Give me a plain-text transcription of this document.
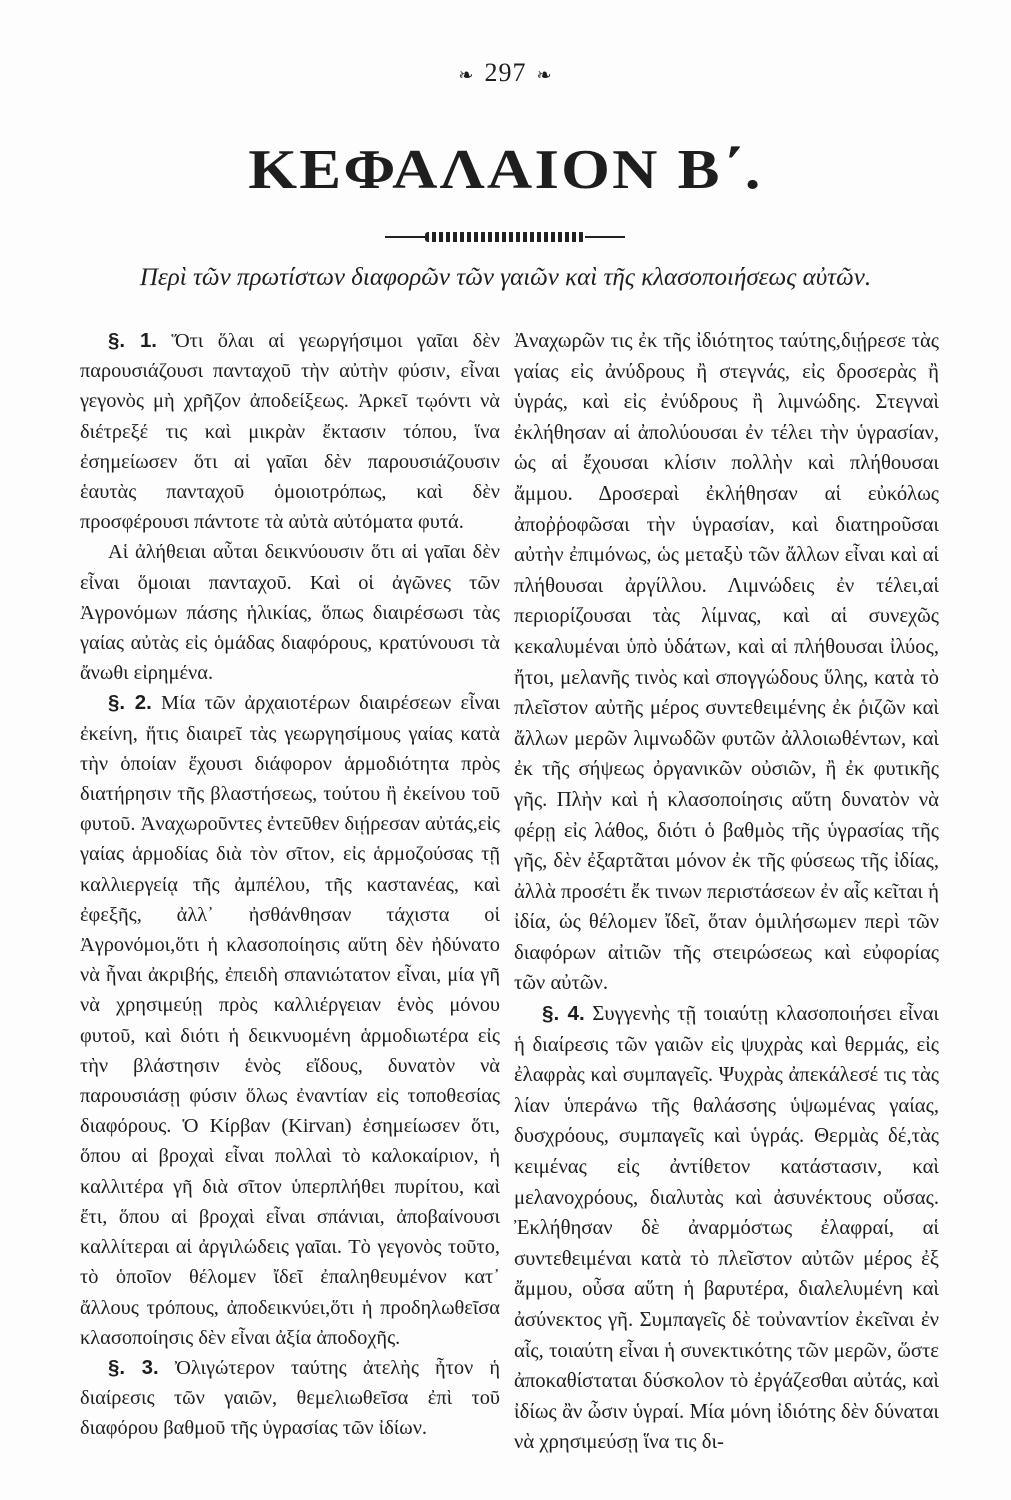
❧ 297 ❧
ΚΕΦΑΛΑΙΟΝ Β΄.
Περὶ τῶν πρωτίστων διαφορῶν τῶν γαιῶν καὶ τῆς κλασοποιήσεως αὐτῶν.

§. 1. Ὅτι ὅλαι αἱ γεωργήσιμοι γαῖαι δὲν παρουσιάζουσι πανταχοῦ τὴν αὐτὴν φύσιν, εἶναι γεγονὸς μὴ χρῆζον ἀποδείξεως. Ἀρκεῖ τῳόντι νὰ διέτρεξέ τις καὶ μικρὰν ἔκτασιν τόπου, ἵνα ἐσημείωσεν ὅτι αἱ γαῖαι δὲν παρουσιάζουσιν ἑαυτὰς πανταχοῦ ὁμοιοτρόπως, καὶ δὲν προσφέρουσι πάντοτε τὰ αὐτὰ αὐτόματα φυτά.

Αἱ ἀλήθειαι αὗται δεικνύουσιν ὅτι αἱ γαῖαι δὲν εἶναι ὅμοιαι πανταχοῦ. Καὶ οἱ ἀγῶνες τῶν Ἀγρονόμων πάσης ἡλικίας, ὅπως διαιρέσωσι τὰς γαίας αὐτὰς εἰς ὁμάδας διαφόρους, κρατύνουσι τὰ ἄνωθι εἰρημένα.

§. 2. Μία τῶν ἀρχαιοτέρων διαιρέσεων εἶναι ἐκείνη, ἥτις διαιρεῖ τὰς γεωργησίμους γαίας κατὰ τὴν ὁποίαν ἔχουσι διάφορον ἁρμοδιότητα πρὸς διατήρησιν τῆς βλαστήσεως, τούτου ἢ ἐκείνου τοῦ φυτοῦ. Ἀναχωροῦντες ἐντεῦθεν διῄρεσαν αὐτάς,εἰς γαίας ἁρμοδίας διὰ τὸν σῖτον, εἰς ἁρμοζούσας τῇ καλλιεργείᾳ τῆς ἀμπέλου, τῆς καστανέας, καὶ ἐφεξῆς, ἀλλ᾽ ἠσθάνθησαν τάχιστα οἱ Ἀγρονόμοι,ὅτι ἡ κλασοποίησις αὕτη δὲν ἠδύνατο νὰ ἦναι ἀκριβής, ἐπειδὴ σπανιώτατον εἶναι, μία γῆ νὰ χρησιμεύῃ πρὸς καλλιέργειαν ἑνὸς μόνου φυτοῦ, καὶ διότι ἡ δεικνυομένη ἁρμοδιωτέρα εἰς τὴν βλάστησιν ἑνὸς εἴδους, δυνατὸν νὰ παρουσιάσῃ φύσιν ὅλως ἐναντίαν εἰς τοποθεσίας διαφόρους. Ὁ Κίρβαν (Kirvan) ἐσημείωσεν ὅτι, ὅπου αἱ βροχαὶ εἶναι πολλαὶ τὸ καλοκαίριον, ἡ καλλιτέρα γῆ διὰ σῖτον ὑπερπλήθει πυρίτου, καὶ ἔτι, ὅπου αἱ βροχαὶ εἶναι σπάνιαι, ἀποβαίνουσι καλλίτεραι αἱ ἀργιλώδεις γαῖαι. Τὸ γεγονὸς τοῦτο, τὸ ὁποῖον θέλομεν ἴδεῖ ἐπαληθευμένον κατ᾽ ἄλλους τρόπους, ἀποδεικνύει,ὅτι ἡ προδηλωθεῖσα κλασοποίησις δὲν εἶναι ἀξία ἀποδοχῆς.

§. 3. Ὀλιγώτερον ταύτης ἀτελὴς ἦτον ἡ διαίρεσις τῶν γαιῶν, θεμελιωθεῖσα ἐπὶ τοῦ διαφόρου βαθμοῦ τῆς ὑγρασίας τῶν ἰδίων.

Ἀναχωρῶν τις ἐκ τῆς ἰδιότητος ταύτης,διῄρεσε τὰς γαίας εἰς ἀνύδρους ἢ στεγνάς, εἰς δροσερὰς ἢ ὑγράς, καὶ εἰς ἐνύδρους ἢ λιμνώδης. Στεγναὶ ἐκλήθησαν αἱ ἀπολύουσαι ἐν τέλει τὴν ὑγρασίαν, ὡς αἱ ἔχουσαι κλίσιν πολλὴν καὶ πλήθουσαι ἄμμου. Δροσεραὶ ἐκλήθησαν αἱ εὐκόλως ἀποῤῥοφῶσαι τὴν ὑγρασίαν, καὶ διατηροῦσαι αὐτὴν ἐπιμόνως, ὡς μεταξὺ τῶν ἄλλων εἶναι καὶ αἱ πλήθουσαι ἀργίλλου. Λιμνώδεις ἐν τέλει,αἱ περιορίζουσαι τὰς λίμνας, καὶ αἱ συνεχῶς κεκαλυμέναι ὑπὸ ὑδάτων, καὶ αἱ πλήθουσαι ἰλύος, ἤτοι, μελανῆς τινὸς καὶ σπογγώδους ὕλης, κατὰ τὸ πλεῖστον αὐτῆς μέρος συντεθειμένης ἐκ ῥιζῶν καὶ ἄλλων μερῶν λιμνωδῶν φυτῶν ἀλλοιωθέντων, καὶ ἐκ τῆς σήψεως ὀργανικῶν οὐσιῶν, ἢ ἐκ φυτικῆς γῆς. Πλὴν καὶ ἡ κλασοποίησις αὕτη δυνατὸν νὰ φέρῃ εἰς λάθος, διότι ὁ βαθμὸς τῆς ὑγρασίας τῆς γῆς, δὲν ἐξαρτᾶται μόνον ἐκ τῆς φύσεως τῆς ἰδίας, ἀλλὰ προσέτι ἔκ τινων περιστάσεων ἐν αἷς κεῖται ἡ ἰδία, ὡς θέλομεν ἴδεῖ, ὅταν ὁμιλήσωμεν περὶ τῶν διαφόρων αἰτιῶν τῆς στειρώσεως καὶ εὐφορίας τῶν αὐτῶν.

§. 4. Συγγενὴς τῇ τοιαύτῃ κλασοποιήσει εἶναι ἡ διαίρεσις τῶν γαιῶν εἰς ψυχρὰς καὶ θερμάς, εἰς ἐλαφρὰς καὶ συμπαγεῖς. Ψυχρὰς ἀπεκάλεσέ τις τὰς λίαν ὑπεράνω τῆς θαλάσσης ὑψωμένας γαίας, δυσχρόους, συμπαγεῖς καὶ ὑγράς. Θερμὰς δέ,τὰς κειμένας εἰς ἀντίθετον κατάστασιν, καὶ μελανοχρόους, διαλυτὰς καὶ ἀσυνέκτους οὔσας. Ἐκλήθησαν δὲ ἀναρμόστως ἐλαφραί, αἱ συντεθειμέναι κατὰ τὸ πλεῖστον αὐτῶν μέρος ἐξ ἄμμου, οὖσα αὕτη ἡ βαρυτέρα, διαλελυμένη καὶ ἀσύνεκτος γῆ. Συμπαγεῖς δὲ τοὐναντίον ἐκεῖναι ἐν αἷς, τοιαύτη εἶναι ἡ συνεκτικότης τῶν μερῶν, ὥστε ἀποκαθίσταται δύσκολον τὸ ἐργάζεσθαι αὐτάς, καὶ ἰδίως ἂν ὦσιν ὑγραί. Μία μόνη ἰδιότης δὲν δύναται νὰ χρησιμεύσῃ ἵνα τις δι-
